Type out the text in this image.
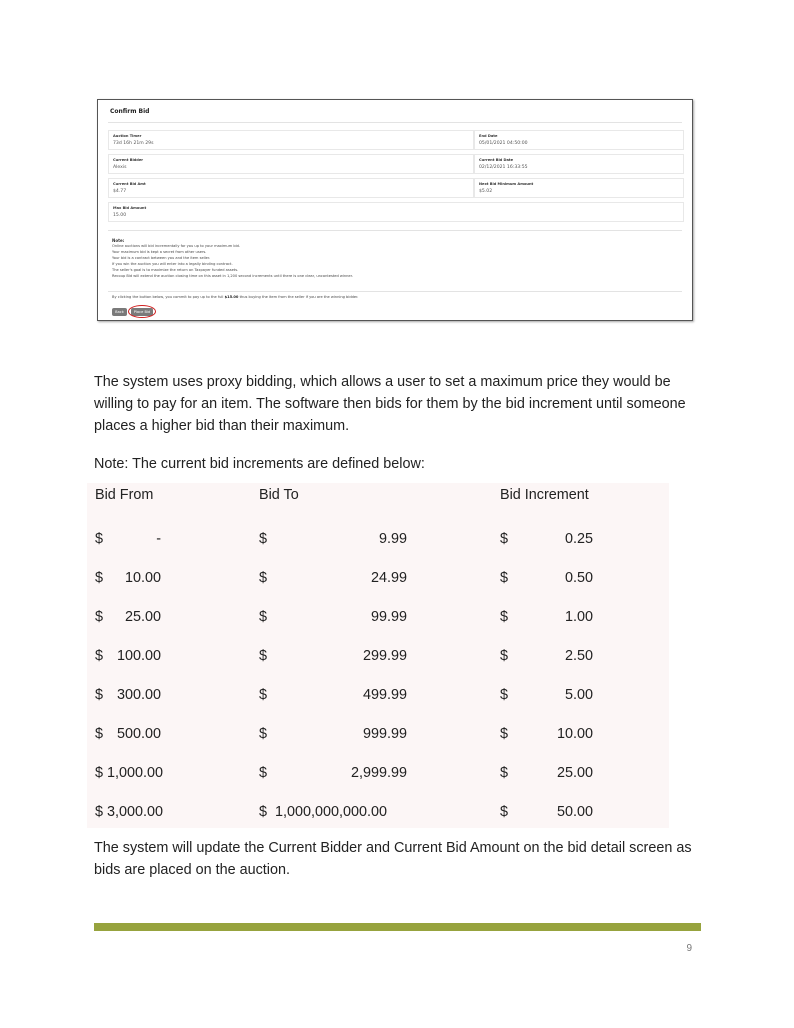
Confirm Bid
Auction Timer
73d 16h 21m 29s
End Date
05/01/2021 04:50:00
Current Bidder
Alexis
Current Bid Date
02/12/2021 16:33:55
Current Bid Amt
$4.77
Next Bid Minimum Amount
$5.02
Max Bid Amount
15.00
Note:
Online auctions will bid incrementally for you up to your maximum bid.
Your maximum bid is kept a secret from other users.
Your bid is a contract between you and the item seller.
If you win the auction you will enter into a legally binding contract.
The seller's goal is to maximize the return on Taxpayer funded assets.
Recoup Bid will extend the auction closing time on this asset in 1,200 second increments until there is one clear, uncontested winner.
By clicking the button below, you commit to pay up to the full $15.00 thus buying the item from the seller if you are the winning bidder.
Back	Place Bid
The system uses proxy bidding, which allows a user to set a maximum price they would be willing to pay for an item. The software then bids for them by the bid increment until someone places a higher bid than their maximum.
Note: The current bid increments are defined below:
Bid From	Bid To	Bid Increment
$	-	$	9.99	$	0.25
$ 10.00	$	24.99	$	0.50
$ 25.00	$	99.99	$	1.00
$ 100.00	$	299.99	$	2.50
$ 300.00	$	499.99	$	5.00
$ 500.00	$	999.99	$	10.00
$ 1,000.00	$	2,999.99	$	25.00
$ 3,000.00	$ 1,000,000,000.00	$	50.00
The system will update the Current Bidder and Current Bid Amount on the bid detail screen as bids are placed on the auction.
9
